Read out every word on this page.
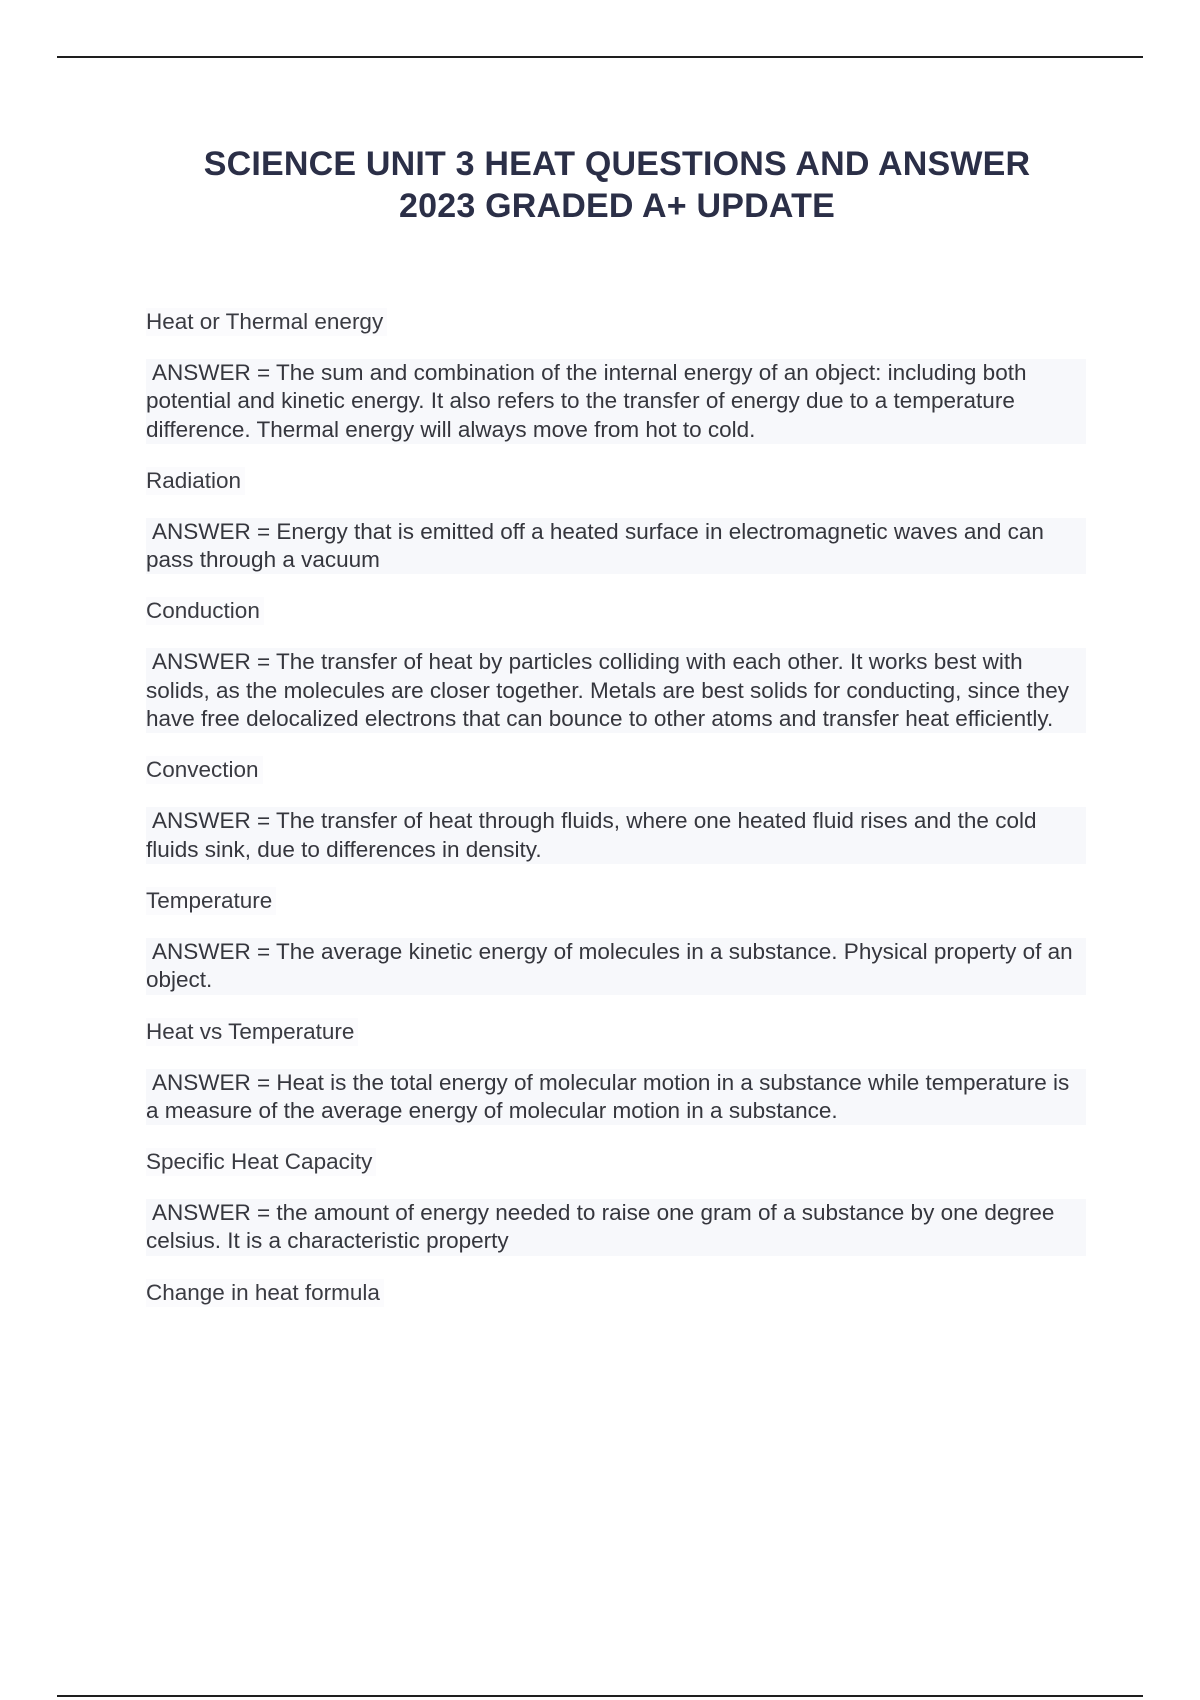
SCIENCE UNIT 3 HEAT QUESTIONS AND ANSWER
2023 GRADED A+ UPDATE
Heat or Thermal energy
ANSWER = The sum and combination of the internal energy of an object: including both potential and kinetic energy. It also refers to the transfer of energy due to a temperature difference. Thermal energy will always move from hot to cold.
Radiation
ANSWER = Energy that is emitted off a heated surface in electromagnetic waves and can pass through a vacuum
Conduction
ANSWER = The transfer of heat by particles colliding with each other. It works best with solids, as the molecules are closer together. Metals are best solids for conducting, since they have free delocalized electrons that can bounce to other atoms and transfer heat efficiently.
Convection
ANSWER = The transfer of heat through fluids, where one heated fluid rises and the cold fluids sink, due to differences in density.
Temperature
ANSWER = The average kinetic energy of molecules in a substance. Physical property of an object.
Heat vs Temperature
ANSWER = Heat is the total energy of molecular motion in a substance while temperature is a measure of the average energy of molecular motion in a substance.
Specific Heat Capacity
ANSWER = the amount of energy needed to raise one gram of a substance by one degree celsius. It is a characteristic property
Change in heat formula
